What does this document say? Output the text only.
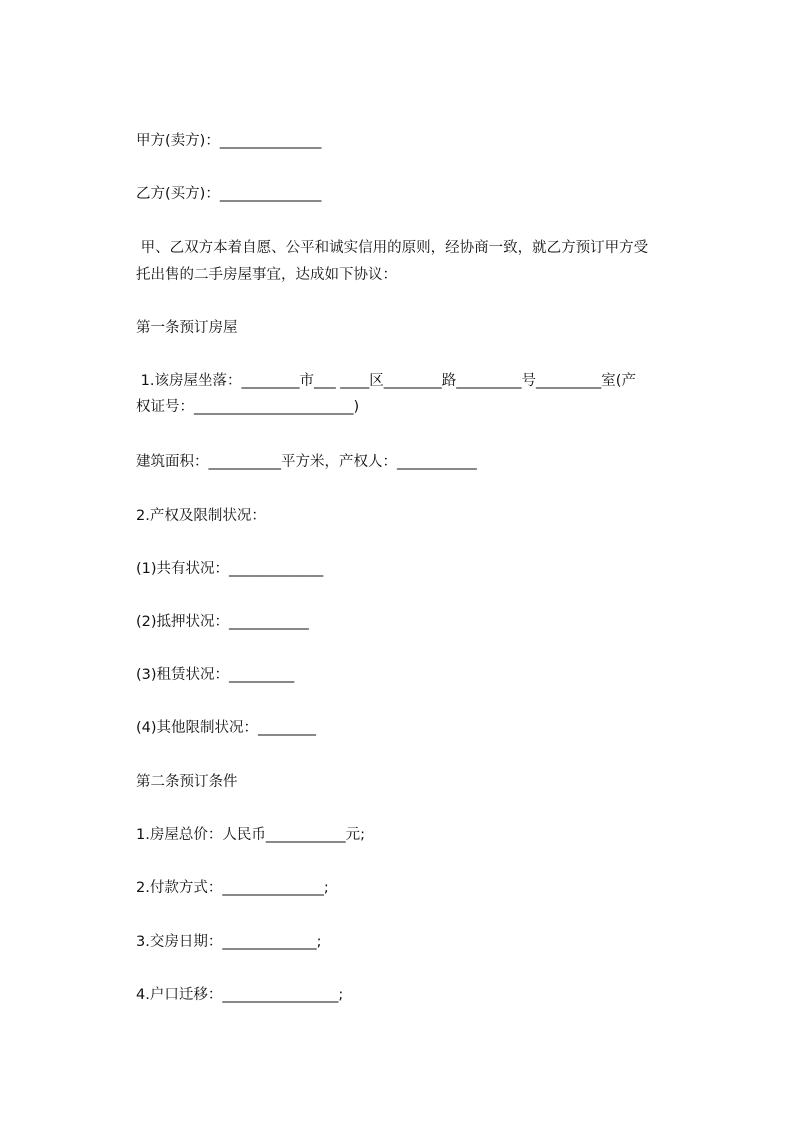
甲方(卖方)：______________
乙方(买方)：______________
甲、乙双方本着自愿、公平和诚实信用的原则，经协商一致，就乙方预订甲方受
托出售的二手房屋事宜，达成如下协议：
第一条预订房屋
1.该房屋坐落：________市___ ____区________路_________号_________室(产
权证号：______________________)
建筑面积：__________平方米，产权人：___________
2.产权及限制状况：
(1)共有状况：_____________
(2)抵押状况：___________
(3)租赁状况：_________
(4)其他限制状况：________
第二条预订条件
1.房屋总价：人民币___________元;
2.付款方式：______________;
3.交房日期：_____________;
4.户口迁移：________________;
